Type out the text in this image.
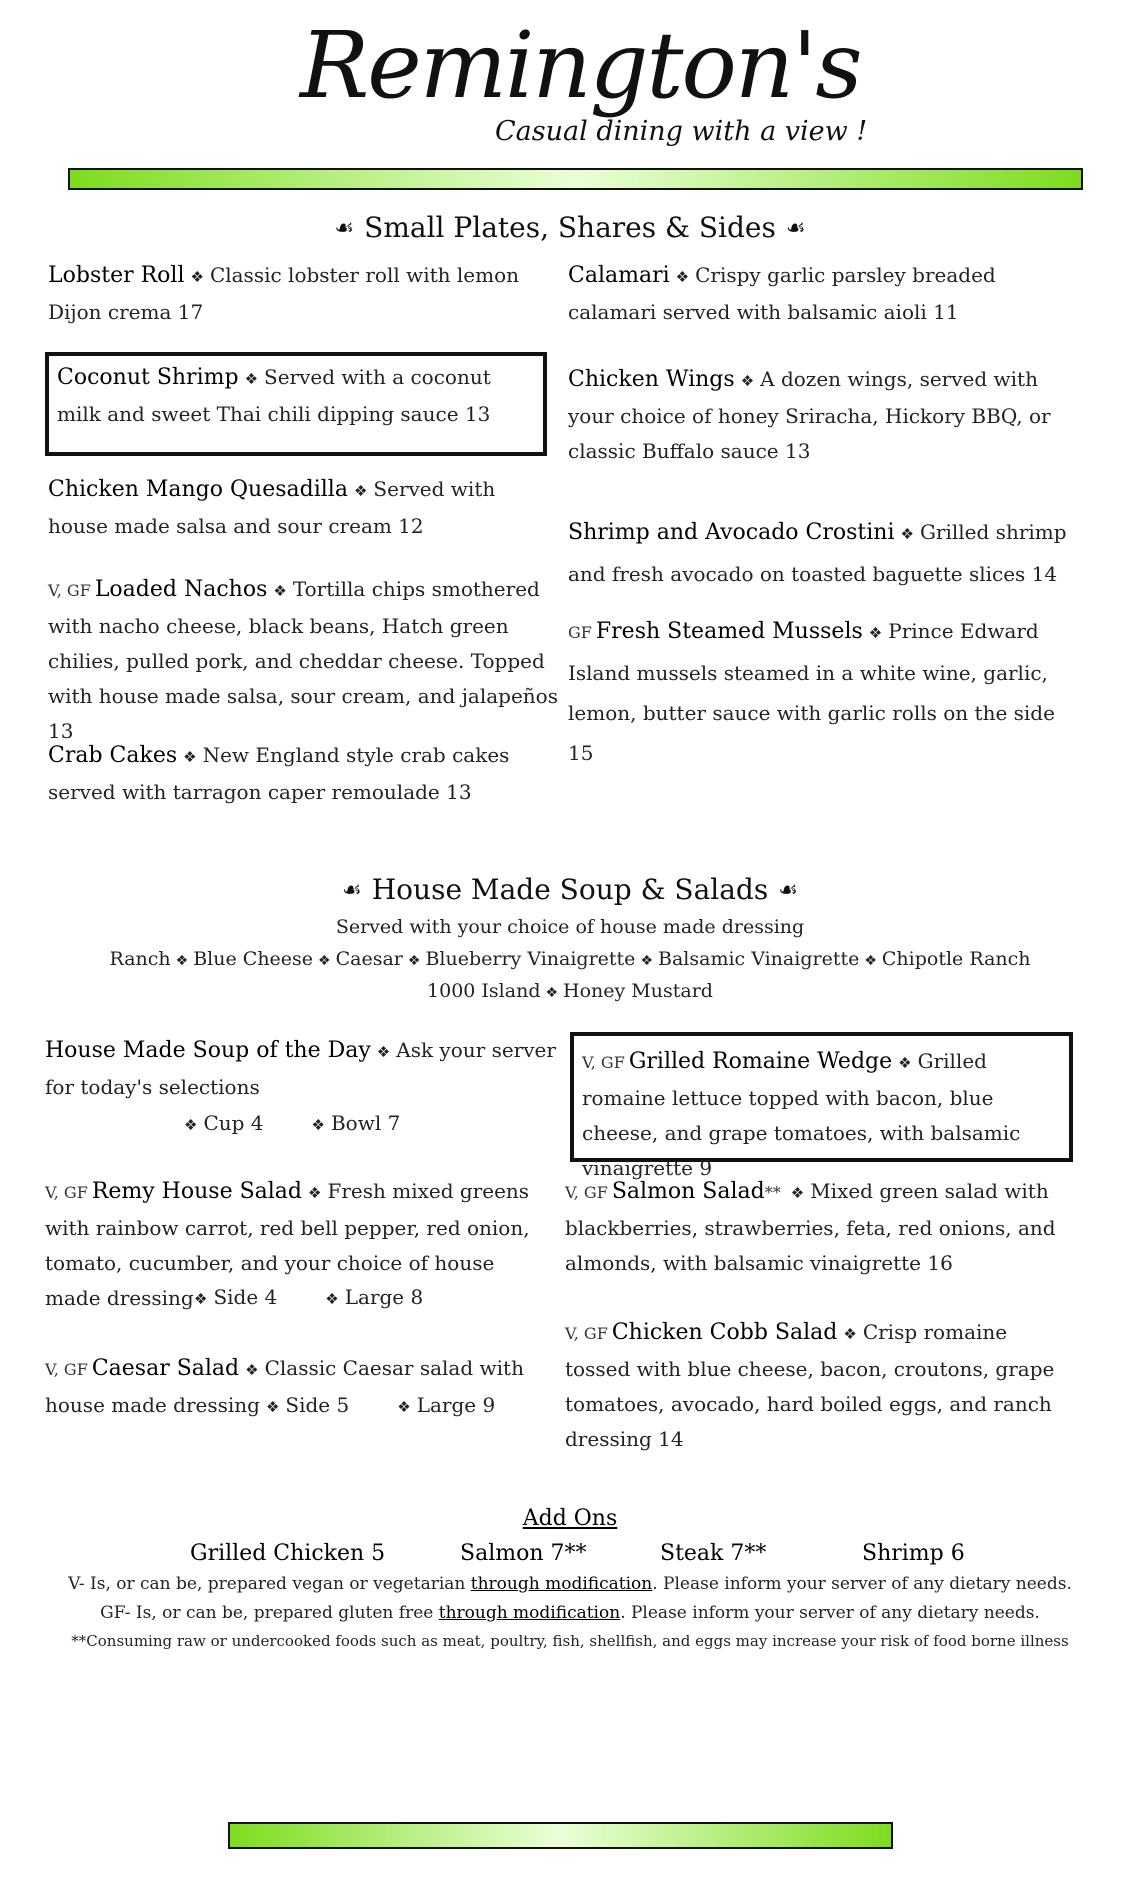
Remington's
Casual dining with a view !
☙ Small Plates, Shares & Sides ☙
Lobster Roll ❖ Classic lobster roll with lemon Dijon crema 17
Coconut Shrimp ❖ Served with a coconut milk and sweet Thai chili dipping sauce 13
Chicken Mango Quesadilla ❖ Served with house made salsa and sour cream 12
V, GF Loaded Nachos ❖ Tortilla chips smothered with nacho cheese, black beans, Hatch green chilies, pulled pork, and cheddar cheese. Topped with house made salsa, sour cream, and jalapeños 13
Crab Cakes ❖ New England style crab cakes served with tarragon caper remoulade 13
Calamari ❖ Crispy garlic parsley breaded calamari served with balsamic aioli 11
Chicken Wings ❖ A dozen wings, served with your choice of honey Sriracha, Hickory BBQ, or classic Buffalo sauce 13
Shrimp and Avocado Crostini ❖ Grilled shrimp and fresh avocado on toasted baguette slices 14
GF Fresh Steamed Mussels ❖ Prince Edward Island mussels steamed in a white wine, garlic, lemon, butter sauce with garlic rolls on the side 15
☙ House Made Soup & Salads ☙
Served with your choice of house made dressing
Ranch ❖ Blue Cheese ❖ Caesar ❖ Blueberry Vinaigrette ❖ Balsamic Vinaigrette ❖ Chipotle Ranch
1000 Island ❖ Honey Mustard
House Made Soup of the Day ❖ Ask your server for today's selections
❖ Cup 4	❖ Bowl 7
V, GF Remy House Salad ❖ Fresh mixed greens with rainbow carrot, red bell pepper, red onion, tomato, cucumber, and your choice of house made dressing ❖ Side 4	❖ Large 8
V, GF Caesar Salad ❖ Classic Caesar salad with house made dressing ❖ Side 5	❖ Large 9
V, GF Grilled Romaine Wedge ❖ Grilled romaine lettuce topped with bacon, blue cheese, and grape tomatoes, with balsamic vinaigrette 9
V, GF Salmon Salad** ❖ Mixed green salad with blackberries, strawberries, feta, red onions, and almonds, with balsamic vinaigrette 16
V, GF Chicken Cobb Salad ❖ Crisp romaine tossed with blue cheese, bacon, croutons, grape tomatoes, avocado, hard boiled eggs, and ranch dressing 14
Add Ons
Grilled Chicken 5	Salmon 7**	Steak 7**	Shrimp 6
V- Is, or can be, prepared vegan or vegetarian through modification. Please inform your server of any dietary needs.
GF- Is, or can be, prepared gluten free through modification. Please inform your server of any dietary needs.
**Consuming raw or undercooked foods such as meat, poultry, fish, shellfish, and eggs may increase your risk of food borne illness
